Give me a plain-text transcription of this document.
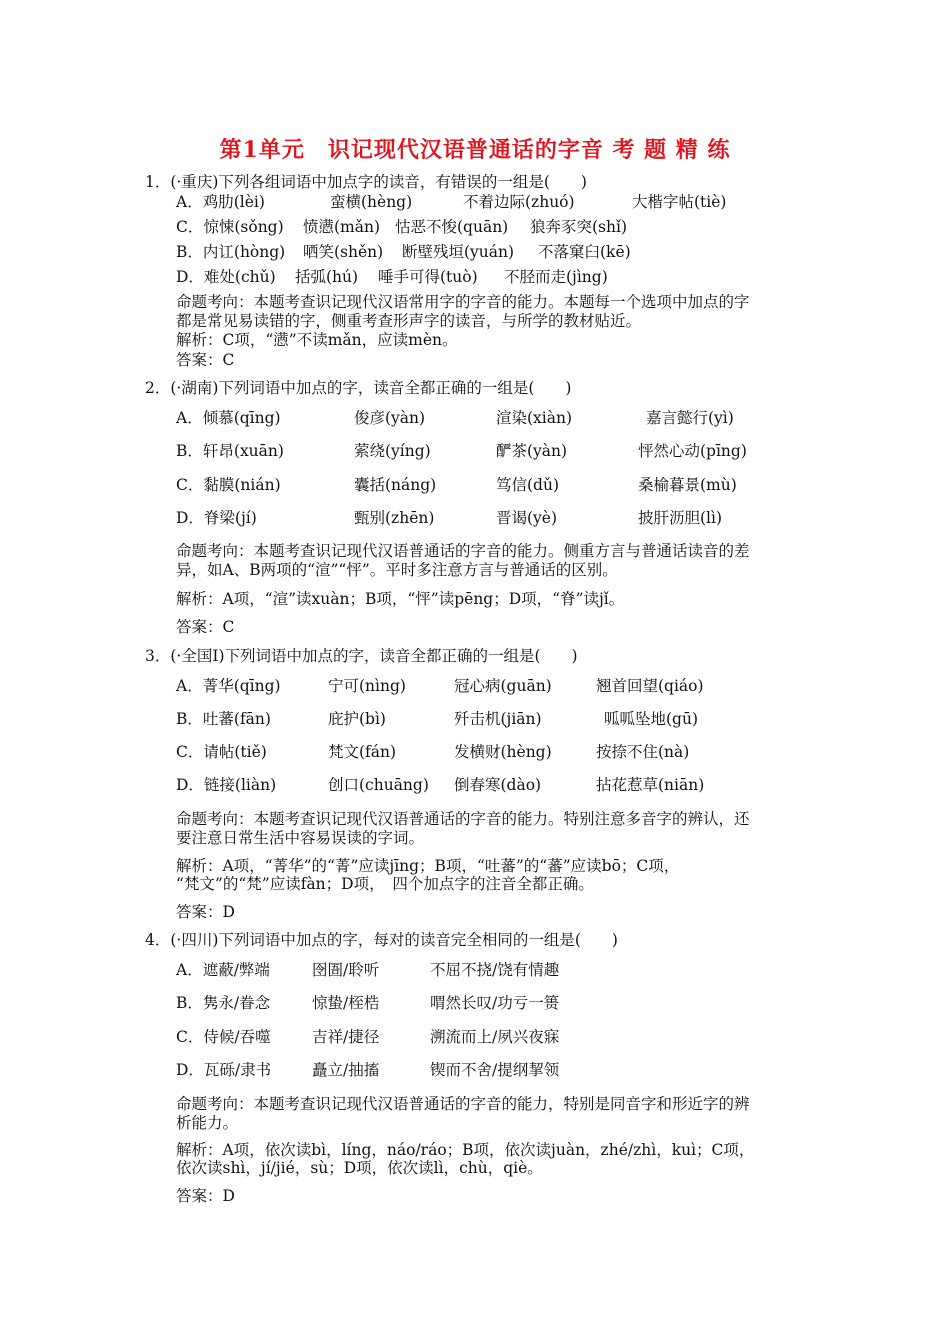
第1单元　识记现代汉语普通话的字音 考 题 精 练
1．(·重庆)下列各组词语中加点字的读音，有错误的一组是(　　)
A．鸡肋(lèi)	蛮横(hèng)	不着边际(zhuó)	大楷字帖(tiè)
C．惊悚(sǒng) 愤懑(mǎn) 怙恶不悛(quān) 狼奔豕突(shǐ)
B．内讧(hòng) 哂笑(shěn) 断壁残垣(yuán) 不落窠臼(kē)
D．难处(chǔ) 括弧(hú) 唾手可得(tuò) 不胫而走(jìng)
命题考向：本题考查识记现代汉语常用字的字音的能力。本题每一个选项中加点的字
都是常见易读错的字，侧重考查形声字的读音，与所学的教材贴近。
解析：C项，“懑”不读mǎn，应读mèn。
答案：C
2．(·湖南)下列词语中加点的字，读音全都正确的一组是(　　)
A．倾慕(qīng)	俊彦(yàn)	渲染(xiàn)	嘉言懿行(yì)
B．轩昂(xuān)	萦绕(yíng)	酽茶(yàn)	怦然心动(pīng)
C．黏膜(nián)	囊括(náng)	笃信(dǔ)	桑榆暮景(mù)
D．脊梁(jí)	甄别(zhēn)	晋谒(yè)	披肝沥胆(lì)
命题考向：本题考查识记现代汉语普通话的字音的能力。侧重方言与普通话读音的差
异，如A、B两项的“渲”“怦”。平时多注意方言与普通话的区别。
解析：A项，“渲”读xuàn；B项，“怦”读pēng；D项，“脊”读jǐ。
答案：C
3．(·全国Ⅰ)下列词语中加点的字，读音全都正确的一组是(　　)
A．菁华(qīng)	宁可(nìng)	冠心病(guān)	翘首回望(qiáo)
B．吐蕃(fān)	庇护(bì)	歼击机(jiān)	呱呱坠地(gū)
C．请帖(tiě)	梵文(fán)	发横财(hèng)	按捺不住(nà)
D．链接(liàn)	创口(chuāng) 倒春寒(dào)	拈花惹草(niān)
命题考向：本题考查识记现代汉语普通话的字音的能力。特别注意多音字的辨认，还
要注意日常生活中容易误读的字词。
解析：A项，“菁华”的“菁”应读jīng；B项，“吐蕃”的“蕃”应读bō；C项，
“梵文”的“梵”应读fàn；D项，　四个加点字的注音全都正确。
答案：D
4．(·四川)下列词语中加点的字，每对的读音完全相同的一组是(　　)
A．遮蔽/弊端	囹圄/聆听	不屈不挠/饶有情趣
B．隽永/眷念	惊蛰/桎梏	喟然长叹/功亏一篑
C．侍候/吞噬	吉祥/捷径	溯流而上/夙兴夜寐
D．瓦砾/隶书	矗立/抽搐	锲而不舍/提纲挈领
命题考向：本题考查识记现代汉语普通话的字音的能力，特别是同音字和形近字的辨
析能力。
解析：A项，依次读bì，líng，náo/ráo；B项，依次读juàn，zhé/zhì，kuì；C项，
依次读shì，jí/jié，sù；D项，依次读lì，chù，qiè。
答案：D
